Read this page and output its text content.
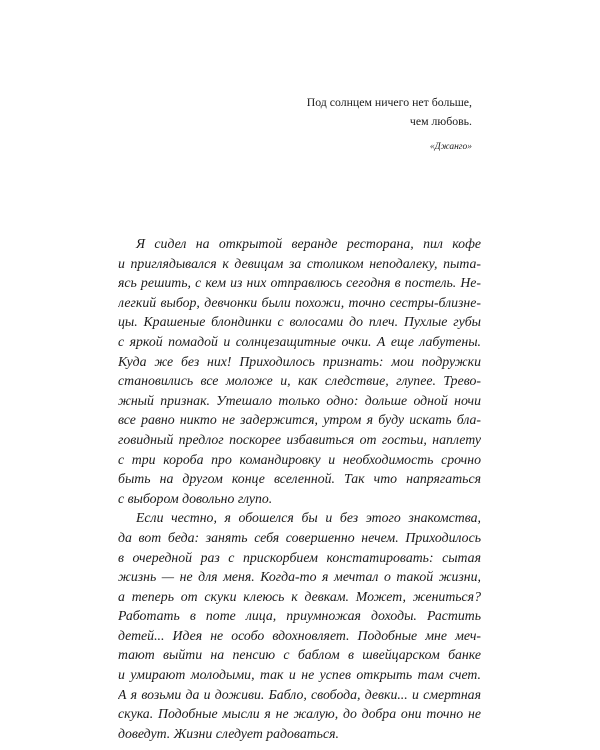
Под солнцем ничего нет больше,
чем любовь.
«Джанго»
Я сидел на открытой веранде ресторана, пил кофе
и приглядывался к девицам за столиком неподалеку, пыта-
ясь решить, с кем из них отправлюсь сегодня в постель. Не-
легкий выбор, девчонки были похожи, точно сестры-близне-
цы. Крашеные блондинки с волосами до плеч. Пухлые губы
с яркой помадой и солнцезащитные очки. А еще лабутены.
Куда же без них! Приходилось признать: мои подружки
становились все моложе и, как следствие, глупее. Трево-
жный признак. Утешало только одно: дольше одной ночи
все равно никто не задержится, утром я буду искать бла-
говидный предлог поскорее избавиться от гостьи, наплету
с три короба про командировку и необходимость срочно
быть на другом конце вселенной. Так что напрягаться
с выбором довольно глупо.
Если честно, я обошелся бы и без этого знакомства,
да вот беда: занять себя совершенно нечем. Приходилось
в очередной раз с прискорбием констатировать: сытая
жизнь — не для меня. Когда-то я мечтал о такой жизни,
а теперь от скуки клеюсь к девкам. Может, жениться?
Работать в поте лица, приумножая доходы. Растить
детей... Идея не особо вдохновляет. Подобные мне меч-
тают выйти на пенсию с баблом в швейцарском банке
и умирают молодыми, так и не успев открыть там счет.
А я возьми да и доживи. Бабло, свобода, девки... и смертная
скука. Подобные мысли я не жалую, до добра они точно не
доведут. Жизни следует радоваться.
